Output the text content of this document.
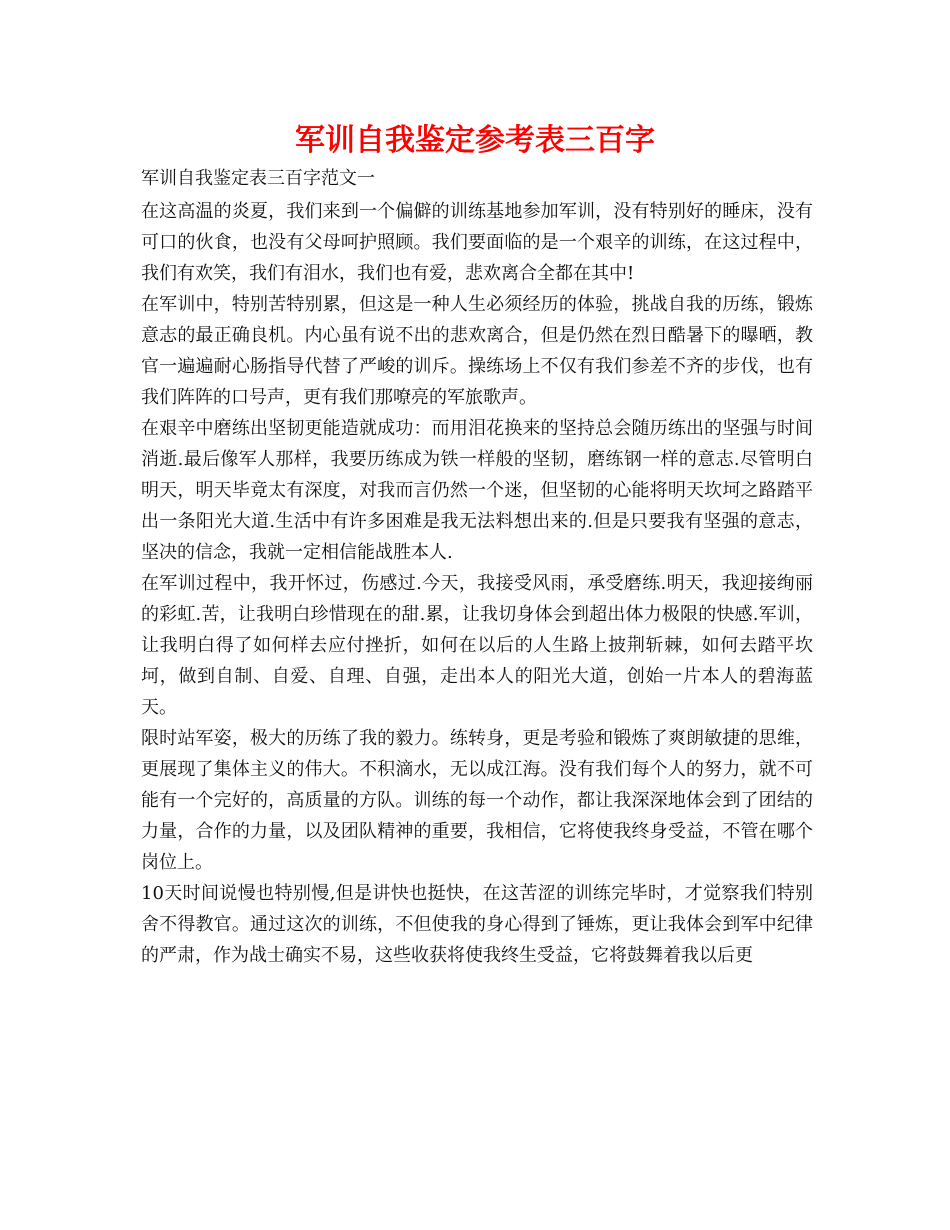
军训自我鉴定参考表三百字

军训自我鉴定表三百字范文一

在这高温的炎夏，我们来到一个偏僻的训练基地参加军训，没有特别好的睡床，没有可口的伙食，也没有父母呵护照顾。我们要面临的是一个艰辛的训练，在这过程中，我们有欢笑，我们有泪水，我们也有爱，悲欢离合全都在其中!

在军训中，特别苦特别累，但这是一种人生必须经历的体验，挑战自我的历练，锻炼意志的最正确良机。内心虽有说不出的悲欢离合，但是仍然在烈日酷暑下的曝晒，教官一遍遍耐心肠指导代替了严峻的训斥。操练场上不仅有我们参差不齐的步伐，也有我们阵阵的口号声，更有我们那嘹亮的军旅歌声。

在艰辛中磨练出坚韧更能造就成功：而用泪花换来的坚持总会随历练出的坚强与时间消逝.最后像军人那样，我要历练成为铁一样般的坚韧，磨练钢一样的意志.尽管明白明天，明天毕竟太有深度，对我而言仍然一个迷，但坚韧的心能将明天坎坷之路踏平出一条阳光大道.生活中有许多困难是我无法料想出来的.但是只要我有坚强的意志，坚决的信念，我就一定相信能战胜本人.

在军训过程中，我开怀过，伤感过.今天，我接受风雨，承受磨练.明天，我迎接绚丽的彩虹.苦，让我明白珍惜现在的甜.累，让我切身体会到超出体力极限的快感.军训，让我明白得了如何样去应付挫折，如何在以后的人生路上披荆斩棘，如何去踏平坎坷，做到自制、自爱、自理、自强，走出本人的阳光大道，创始一片本人的碧海蓝天。

限时站军姿，极大的历练了我的毅力。练转身，更是考验和锻炼了爽朗敏捷的思维，更展现了集体主义的伟大。不积滴水，无以成江海。没有我们每个人的努力，就不可能有一个完好的，高质量的方队。训练的每一个动作，都让我深深地体会到了团结的力量，合作的力量，以及团队精神的重要，我相信，它将使我终身受益，不管在哪个岗位上。

10天时间说慢也特别慢,但是讲快也挺快，在这苦涩的训练完毕时，才觉察我们特别舍不得教官。通过这次的训练，不但使我的身心得到了锤炼，更让我体会到军中纪律的严肃，作为战士确实不易，这些收获将使我终生受益，它将鼓舞着我以后更
